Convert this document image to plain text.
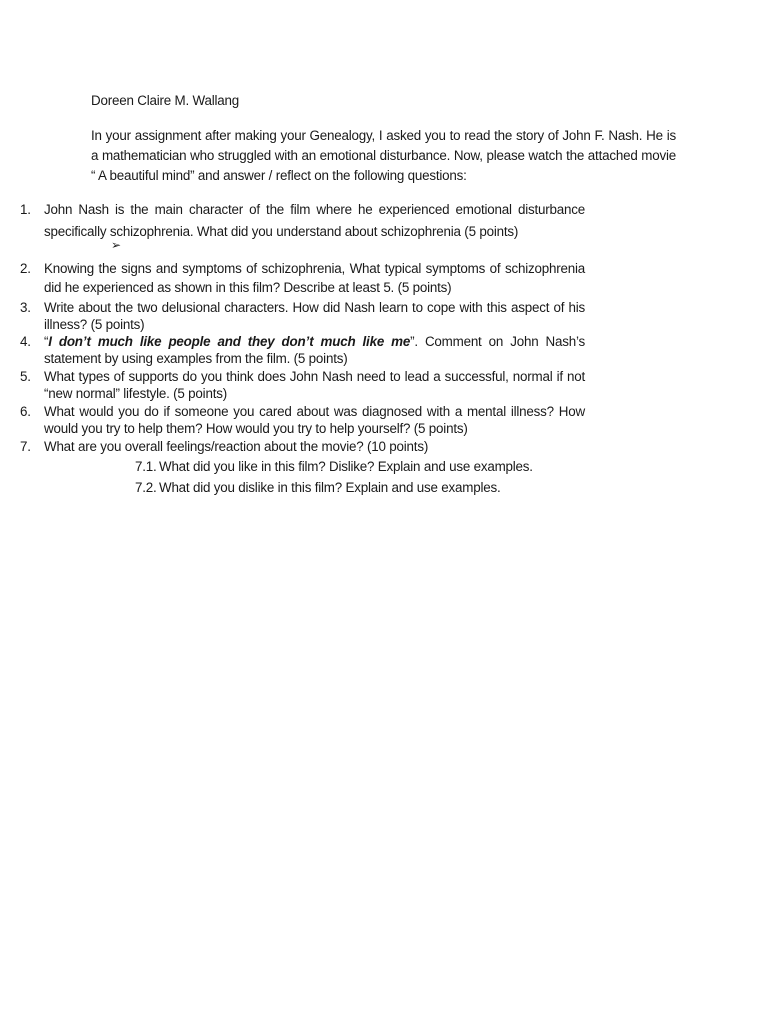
Doreen Claire M. Wallang
In your assignment after making your Genealogy, I asked you to read the story of John F. Nash. He is a mathematician who struggled with an emotional disturbance. Now, please watch the attached movie “ A beautiful mind” and answer / reflect on the following questions:
1. John Nash is the main character of the film where he experienced emotional disturbance specifically schizophrenia. What did you understand about schizophrenia (5 points)
➢
2. Knowing the signs and symptoms of schizophrenia, What typical symptoms of schizophrenia did he experienced as shown in this film? Describe at least 5. (5 points)
3. Write about the two delusional characters. How did Nash learn to cope with this aspect of his illness? (5 points)
4. “I don’t much like people and they don’t much like me”. Comment on John Nash’s statement by using examples from the film. (5 points)
5. What types of supports do you think does John Nash need to lead a successful, normal if not “new normal” lifestyle. (5 points)
6. What would you do if someone you cared about was diagnosed with a mental illness? How would you try to help them? How would you try to help yourself? (5 points)
7. What are you overall feelings/reaction about the movie? (10 points)
7.1. What did you like in this film? Dislike? Explain and use examples.
7.2. What did you dislike in this film? Explain and use examples.
